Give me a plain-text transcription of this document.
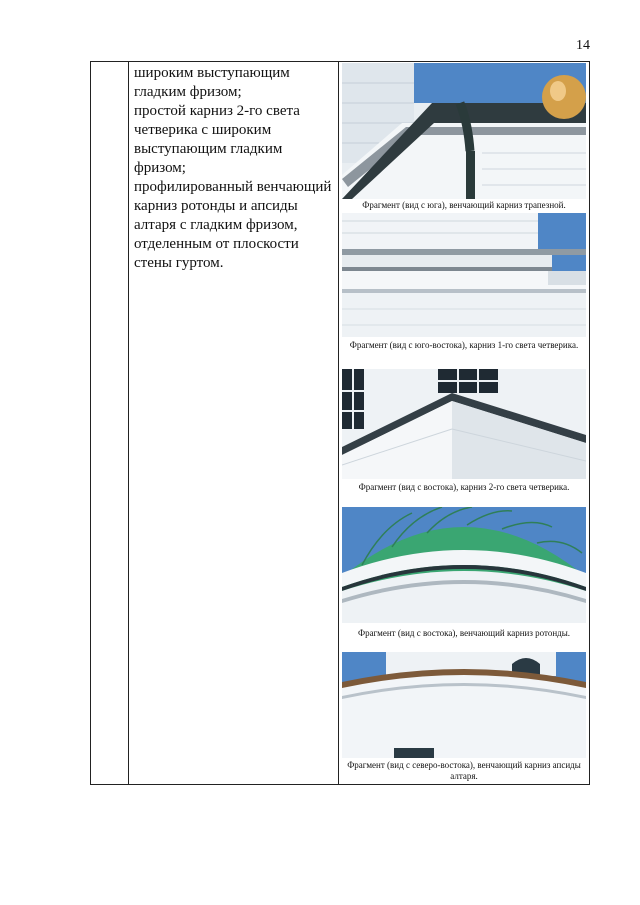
14

широким выступающим гладким фризом;

простой карниз 2-го света четверика с широким выступающим гладким фризом;

профилированный венчающий карниз ротонды и апсиды алтаря с гладким фризом, отделенным от плоскости стены гуртом.

Фрагмент (вид с юга), венчающий карниз трапезной.
Фрагмент (вид с юго-востока), карниз 1-го света четверика.
Фрагмент (вид с востока), карниз 2-го света четверика.
Фрагмент (вид с востока), венчающий карниз ротонды.
Фрагмент (вид с северо-востока), венчающий карниз апсиды алтаря.
